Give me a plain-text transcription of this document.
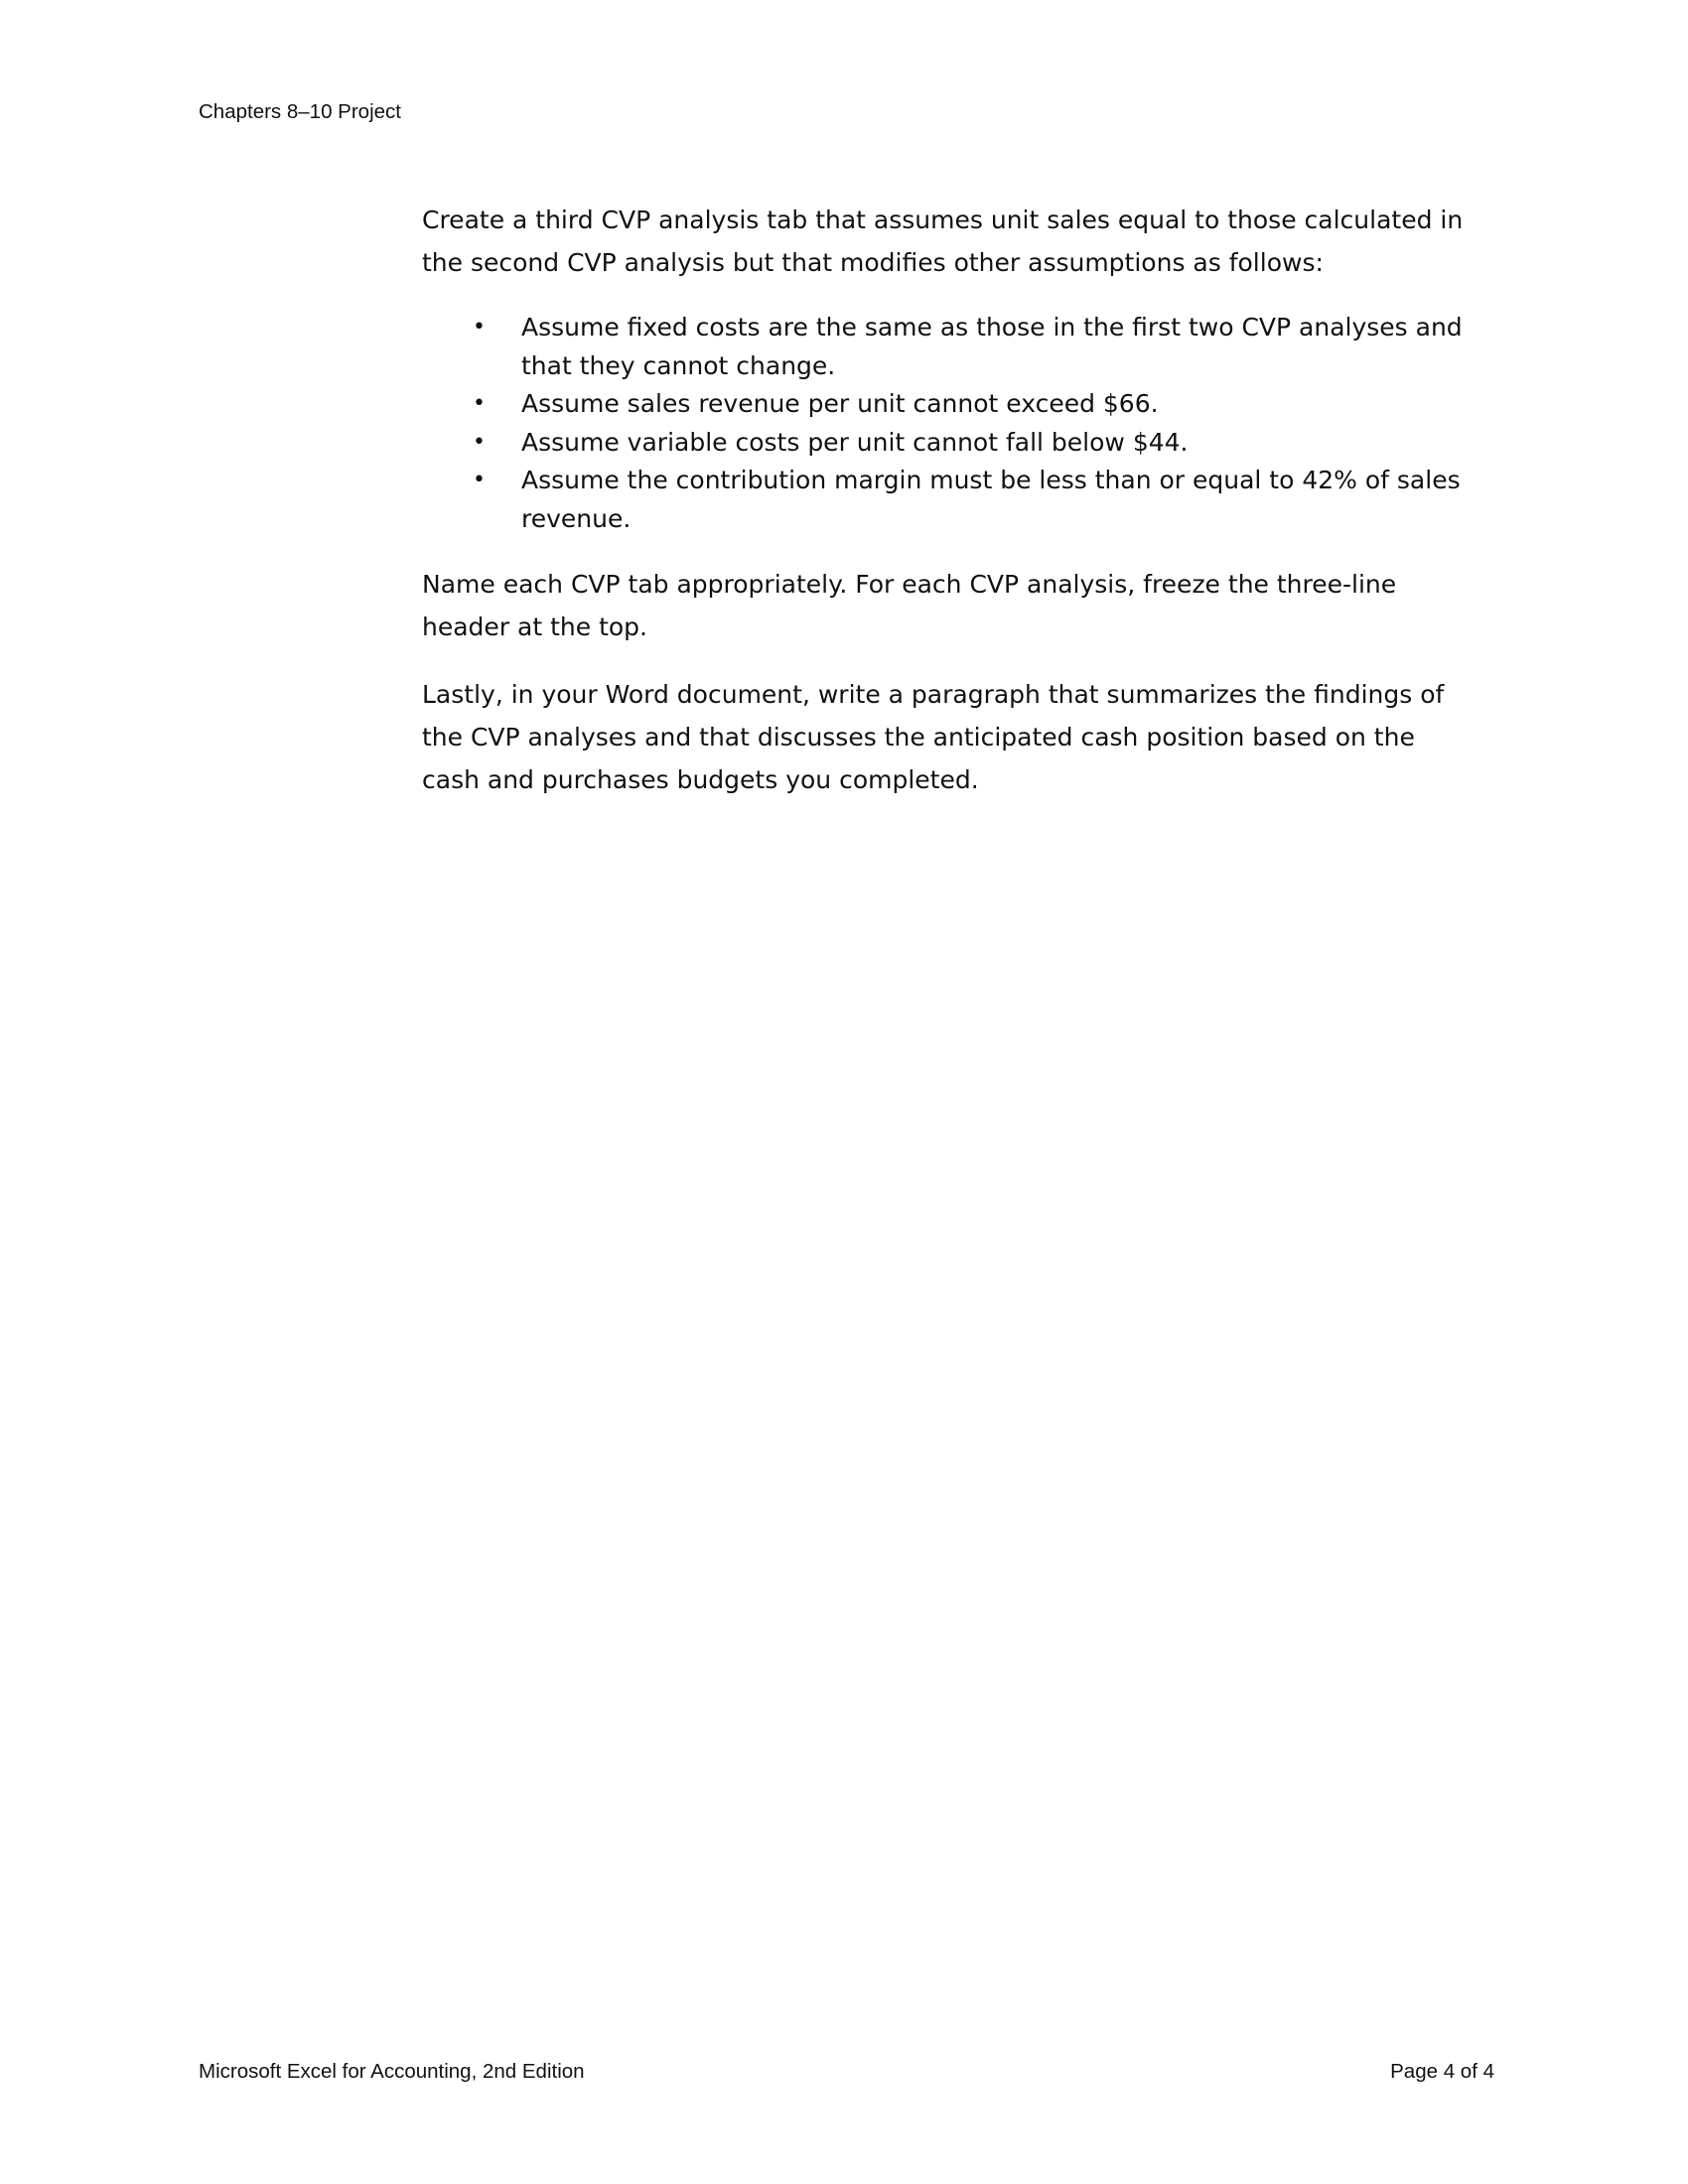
Chapters 8–10 Project

Create a third CVP analysis tab that assumes unit sales equal to those calculated in the second CVP analysis but that modifies other assumptions as follows:

• Assume fixed costs are the same as those in the first two CVP analyses and that they cannot change.
• Assume sales revenue per unit cannot exceed $66.
• Assume variable costs per unit cannot fall below $44.
• Assume the contribution margin must be less than or equal to 42% of sales revenue.

Name each CVP tab appropriately. For each CVP analysis, freeze the three-line header at the top.

Lastly, in your Word document, write a paragraph that summarizes the findings of the CVP analyses and that discusses the anticipated cash position based on the cash and purchases budgets you completed.

Microsoft Excel for Accounting, 2nd Edition	Page 4 of 4
